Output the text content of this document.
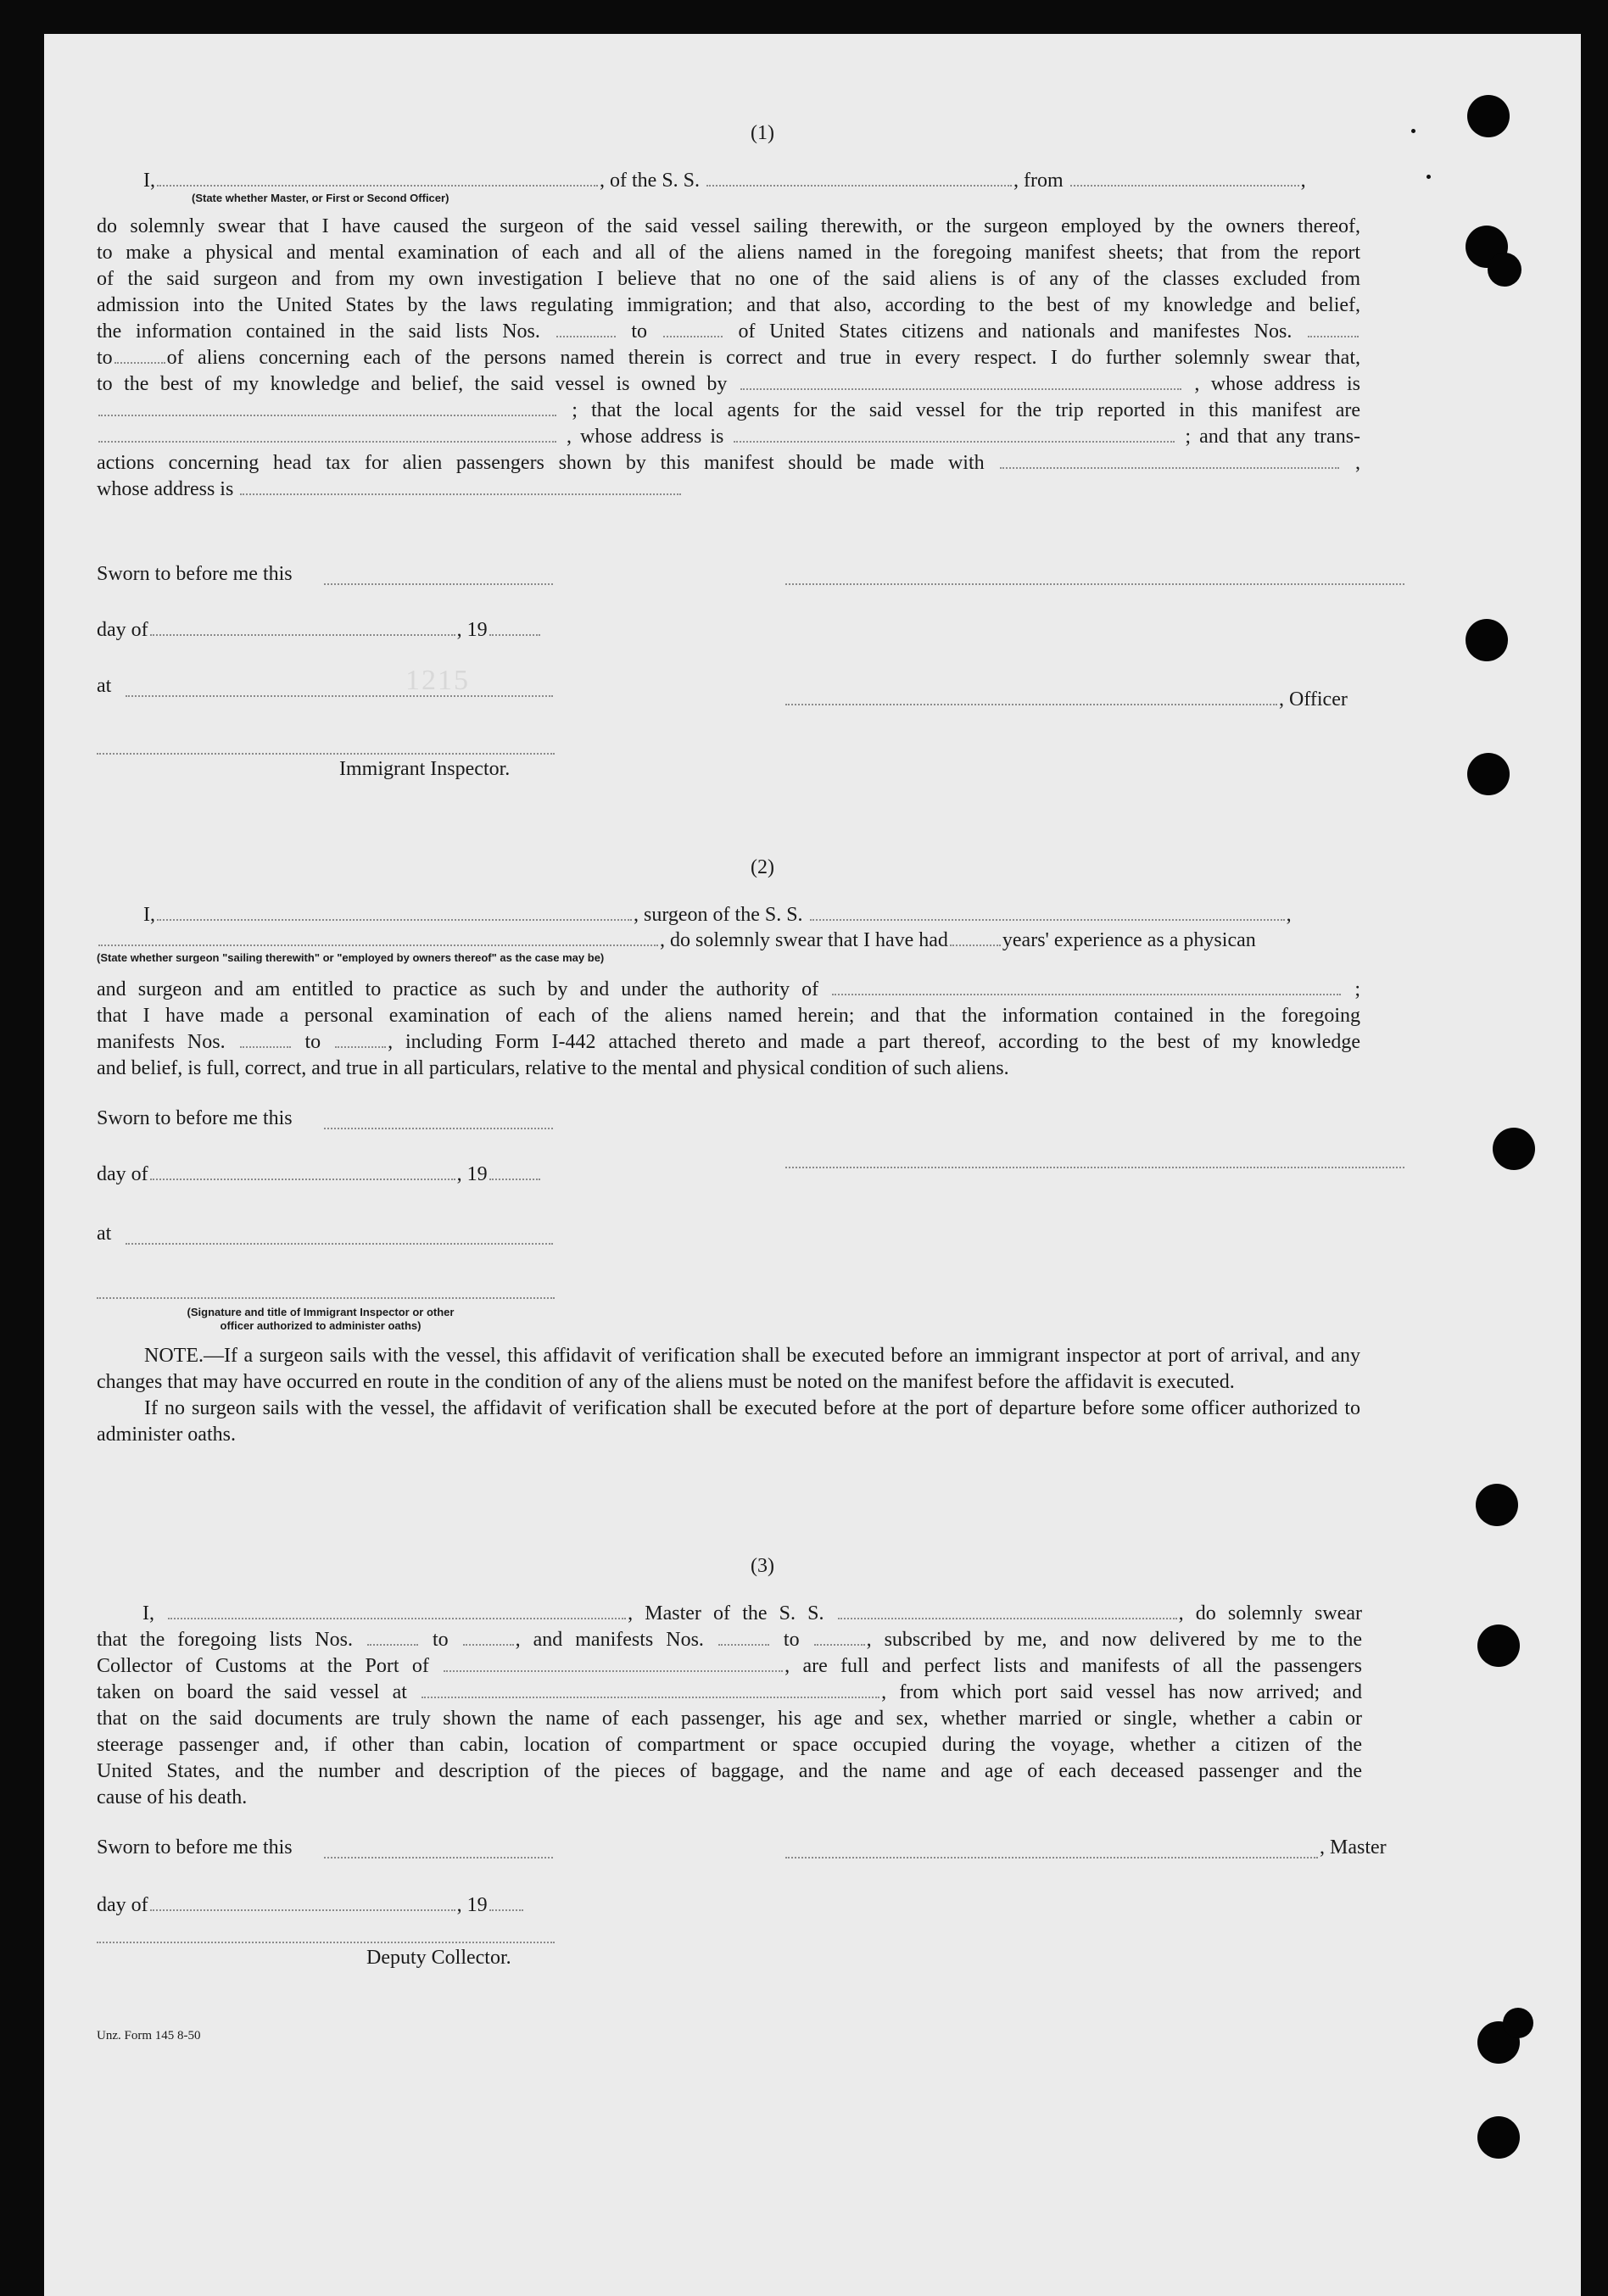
(1)
I,	, of the S. S.	, from	,
(State whether Master, or First or Second Officer)
do solemnly swear that I have caused the surgeon of the said vessel sailing therewith, or the surgeon employed by the owners thereof,
to make a physical and mental examination of each and all of the aliens named in the foregoing manifest sheets; that from the report
of the said surgeon and from my own investigation I believe that no one of the said aliens is of any of the classes excluded from
admission into the United States by the laws regulating immigration; and that also, according to the best of my knowledge and belief,
the information contained in the said lists Nos.	to	of United States citizens and nationals and manifestes Nos.
to	of aliens concerning each of the persons named therein is correct and true in every respect. I do further solemnly swear that,
to the best of my knowledge and belief, the said vessel is owned by	, whose address is
; that the local agents for the said vessel for the trip reported in this manifest are
, whose address is	; and that any trans-
actions concerning head tax for alien passengers shown by this manifest should be made with	,
whose address is
Sworn to before me this
day of	, 19
at	1215
, Officer
Immigrant Inspector.
(2)
I,	, surgeon of the S. S.	,
, do solemnly swear that I have had	years' experience as a physican
(State whether surgeon "sailing therewith" or "employed by owners thereof" as the case may be)
and surgeon and am entitled to practice as such by and under the authority of	;
that I have made a personal examination of each of the aliens named herein; and that the information contained in the foregoing
manifests Nos.	to	, including Form I-442 attached thereto and made a part thereof, according to the best of my knowledge
and belief, is full, correct, and true in all particulars, relative to the mental and physical condition of such aliens.
Sworn to before me this
day of	, 19
at
(Signature and title of Immigrant Inspector or other
officer authorized to administer oaths)

NOTE.—If a surgeon sails with the vessel, this affidavit of verification shall be executed before an immigrant inspector at port of arrival, and any changes that may have occurred en route in the condition of any of the aliens must be noted on the manifest before the affidavit is executed.

If no surgeon sails with the vessel, the affidavit of verification shall be executed before at the port of departure before some officer authorized to administer oaths.

(3)
I,	, Master of the S. S.	, do solemnly swear
that the foregoing lists Nos.	to	, and manifests Nos.	to	, subscribed by me, and now delivered by me to the
Collector of Customs at the Port of	, are full and perfect lists and manifests of all the passengers
taken on board the said vessel at	, from which port said vessel has now arrived; and
that on the said documents are truly shown the name of each passenger, his age and sex, whether married or single, whether a cabin or
steerage passenger and, if other than cabin, location of compartment or space occupied during the voyage, whether a citizen of the
United States, and the number and description of the pieces of baggage, and the name and age of each deceased passenger and the
cause of his death.
Sworn to before me this	, Master
day of	, 19
Deputy Collector.
Unz. Form 145 8-50
